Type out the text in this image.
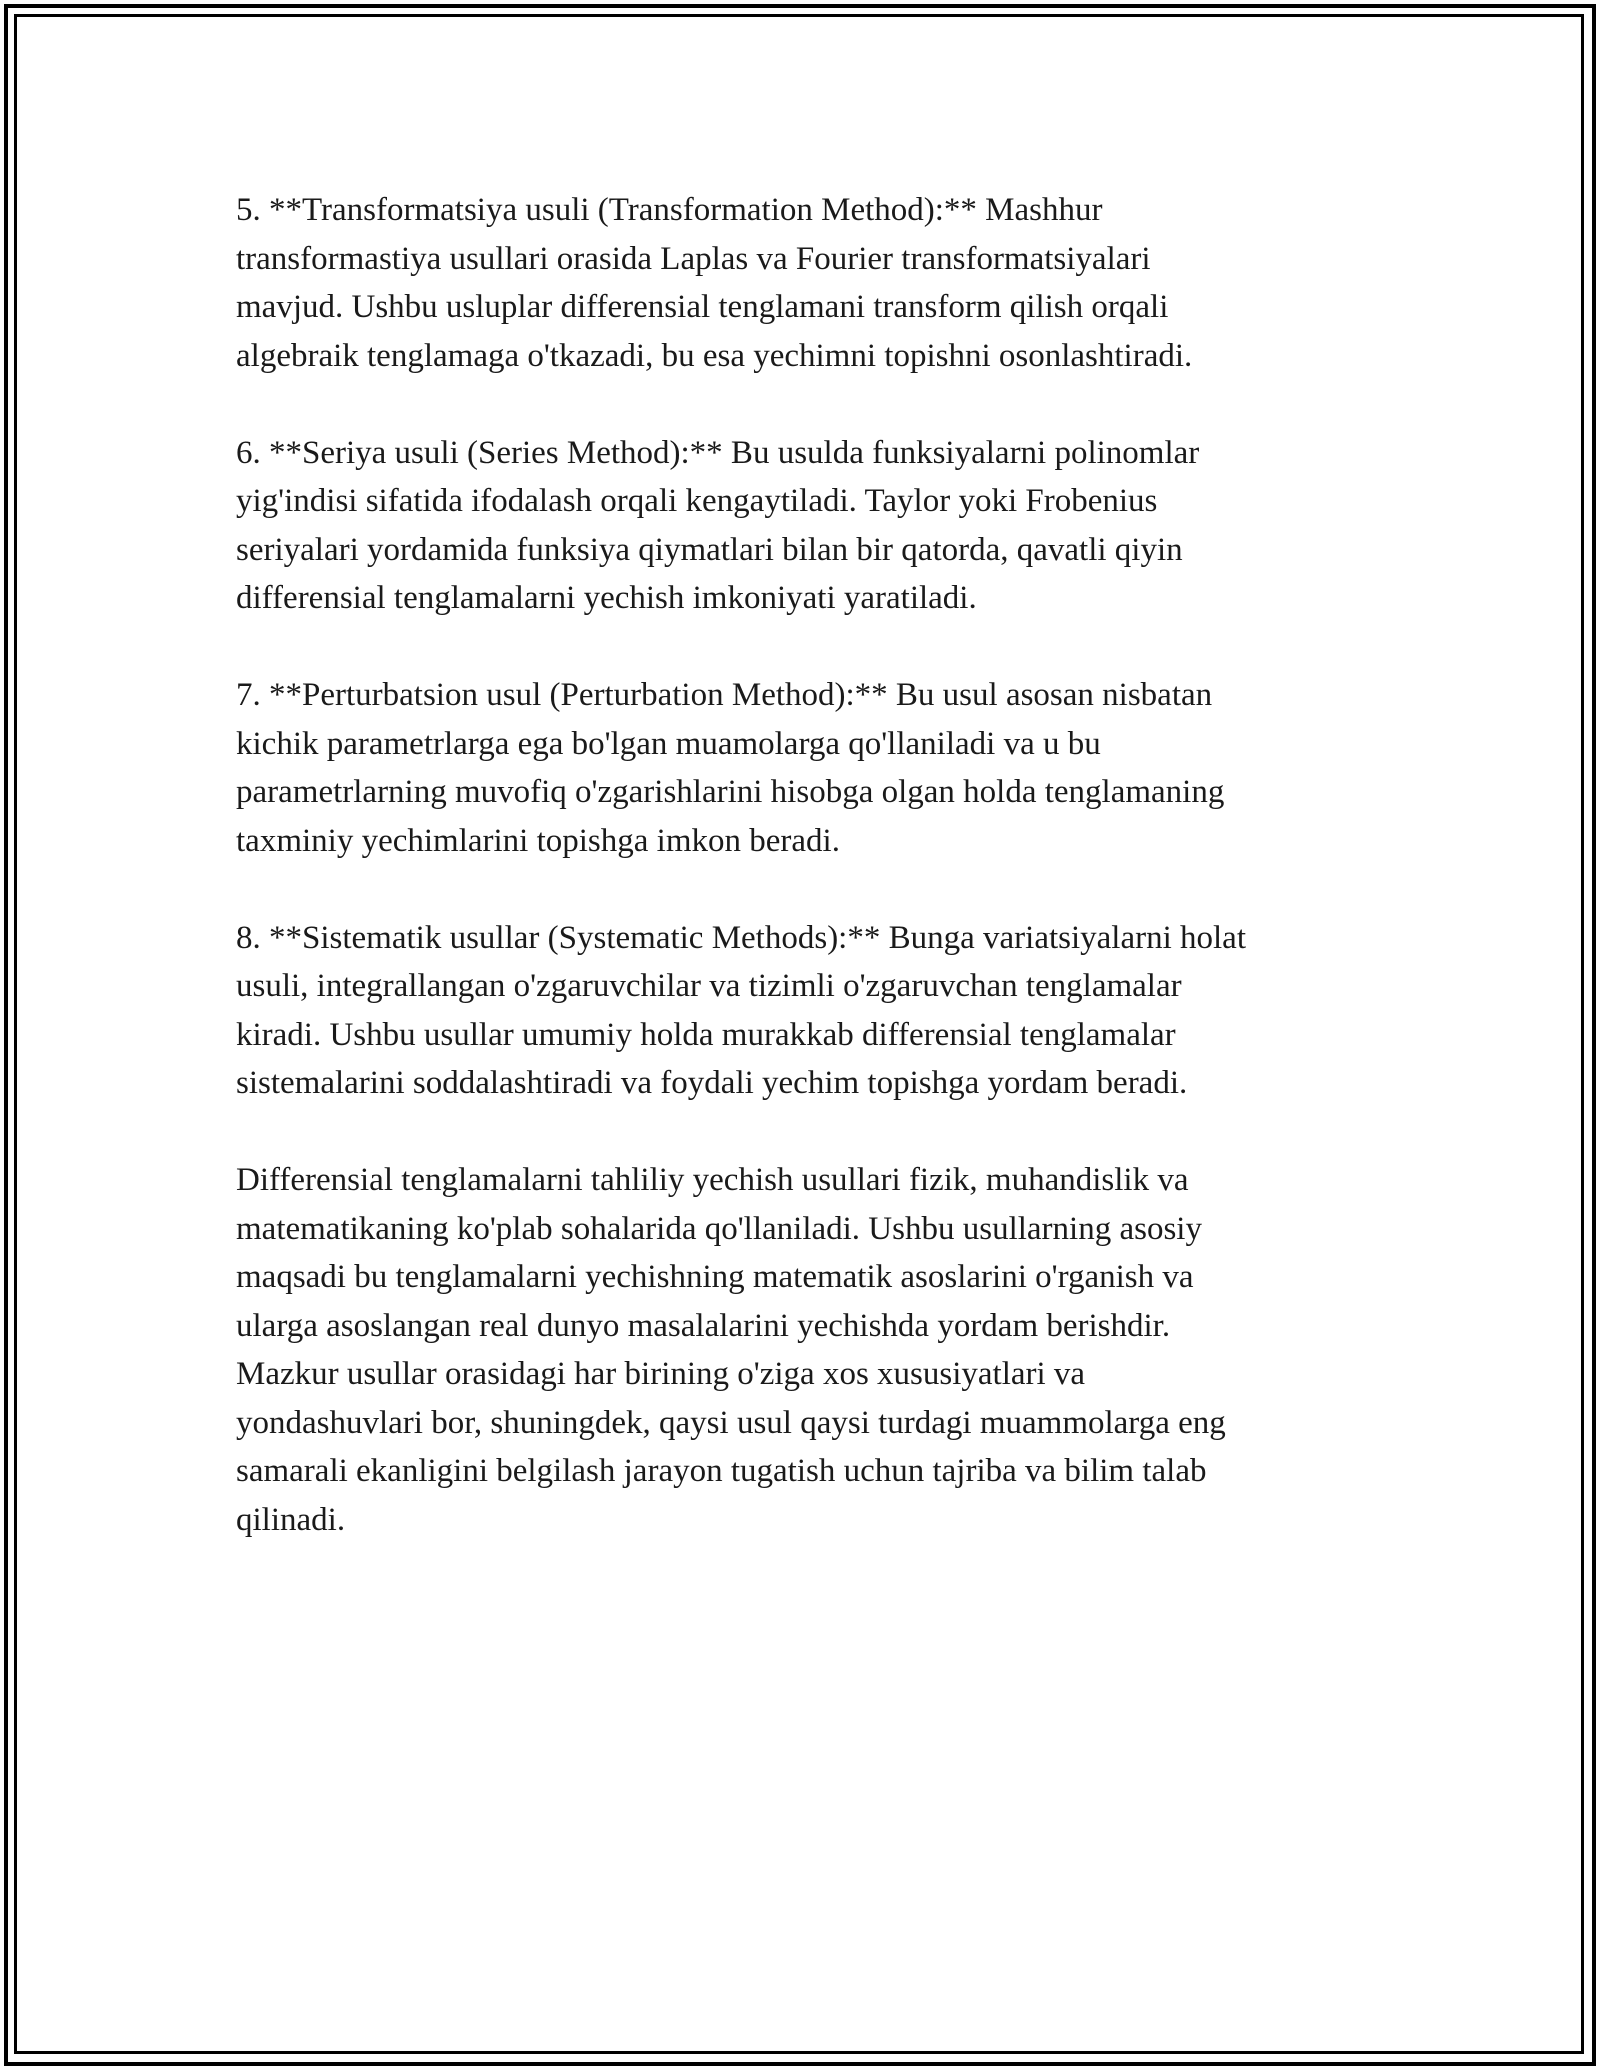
5. **Transformatsiya usuli (Transformation Method):** Mashhur
transformastiya usullari orasida Laplas va Fourier transformatsiyalari
mavjud. Ushbu usluplar differensial tenglamani transform qilish orqali
algebraik tenglamaga o'tkazadi, bu esa yechimni topishni osonlashtiradi.

6. **Seriya usuli (Series Method):** Bu usulda funksiyalarni polinomlar
yig'indisi sifatida ifodalash orqali kengaytiladi. Taylor yoki Frobenius
seriyalari yordamida funksiya qiymatlari bilan bir qatorda, qavatli qiyin
differensial tenglamalarni yechish imkoniyati yaratiladi.

7. **Perturbatsion usul (Perturbation Method):** Bu usul asosan nisbatan
kichik parametrlarga ega bo'lgan muamolarga qo'llaniladi va u bu
parametrlarning muvofiq o'zgarishlarini hisobga olgan holda tenglamaning
taxminiy yechimlarini topishga imkon beradi.

8. **Sistematik usullar (Systematic Methods):** Bunga variatsiyalarni holat
usuli, integrallangan o'zgaruvchilar va tizimli o'zgaruvchan tenglamalar
kiradi. Ushbu usullar umumiy holda murakkab differensial tenglamalar
sistemalarini soddalashtiradi va foydali yechim topishga yordam beradi.

Differensial tenglamalarni tahliliy yechish usullari fizik, muhandislik va
matematikaning ko'plab sohalarida qo'llaniladi. Ushbu usullarning asosiy
maqsadi bu tenglamalarni yechishning matematik asoslarini o'rganish va
ularga asoslangan real dunyo masalalarini yechishda yordam berishdir.
Mazkur usullar orasidagi har birining o'ziga xos xususiyatlari va
yondashuvlari bor, shuningdek, qaysi usul qaysi turdagi muammolarga eng
samarali ekanligini belgilash jarayon tugatish uchun tajriba va bilim talab
qilinadi.
